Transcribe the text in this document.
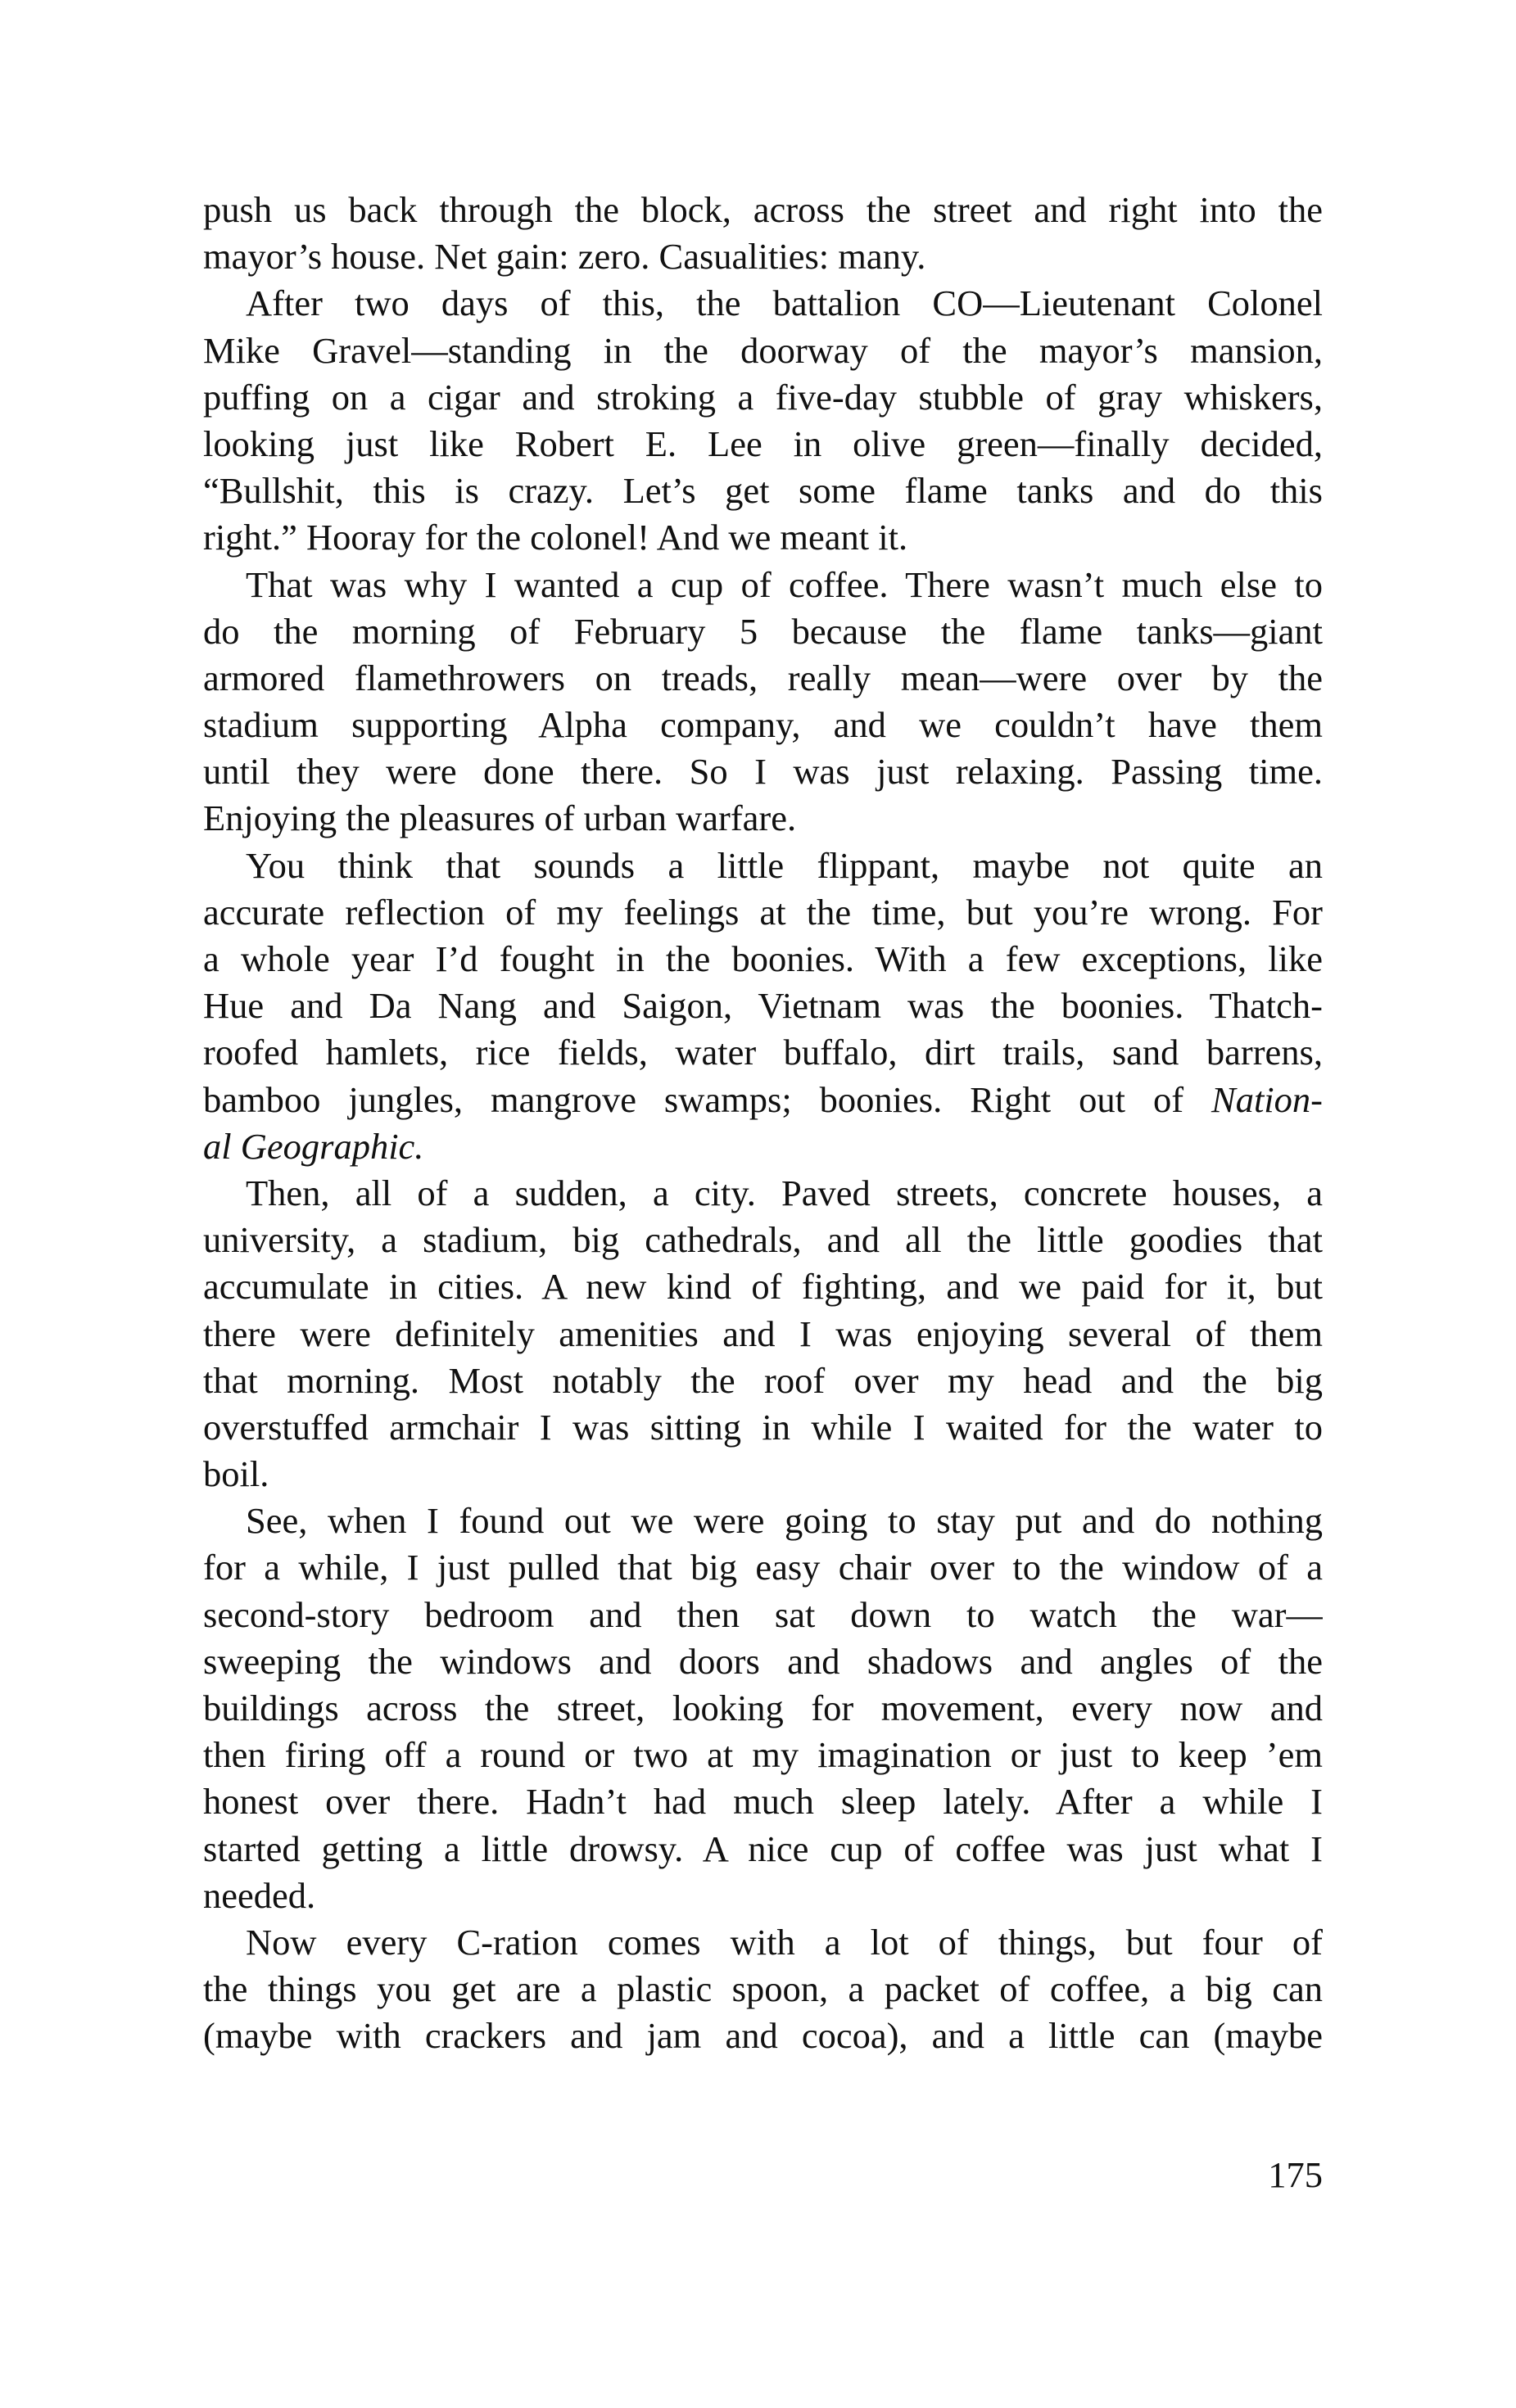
push us back through the block, across the street and right into the
mayor’s house. Net gain: zero. Casualities: many.
After two days of this, the battalion CO—Lieutenant Colonel
Mike Gravel—standing in the doorway of the mayor’s mansion,
puffing on a cigar and stroking a five-day stubble of gray whiskers,
looking just like Robert E. Lee in olive green—finally decided,
“Bullshit, this is crazy. Let’s get some flame tanks and do this
right.” Hooray for the colonel! And we meant it.
That was why I wanted a cup of coffee. There wasn’t much else to
do the morning of February 5 because the flame tanks—giant
armored flamethrowers on treads, really mean—were over by the
stadium supporting Alpha company, and we couldn’t have them
until they were done there. So I was just relaxing. Passing time.
Enjoying the pleasures of urban warfare.
You think that sounds a little flippant, maybe not quite an
accurate reflection of my feelings at the time, but you’re wrong. For
a whole year I’d fought in the boonies. With a few exceptions, like
Hue and Da Nang and Saigon, Vietnam was the boonies. Thatch-
roofed hamlets, rice fields, water buffalo, dirt trails, sand barrens,
bamboo jungles, mangrove swamps; boonies. Right out of Nation-
al Geographic.
Then, all of a sudden, a city. Paved streets, concrete houses, a
university, a stadium, big cathedrals, and all the little goodies that
accumulate in cities. A new kind of fighting, and we paid for it, but
there were definitely amenities and I was enjoying several of them
that morning. Most notably the roof over my head and the big
overstuffed armchair I was sitting in while I waited for the water to
boil.
See, when I found out we were going to stay put and do nothing
for a while, I just pulled that big easy chair over to the window of a
second-story bedroom and then sat down to watch the war—
sweeping the windows and doors and shadows and angles of the
buildings across the street, looking for movement, every now and
then firing off a round or two at my imagination or just to keep ’em
honest over there. Hadn’t had much sleep lately. After a while I
started getting a little drowsy. A nice cup of coffee was just what I
needed.
Now every C-ration comes with a lot of things, but four of
the things you get are a plastic spoon, a packet of coffee, a big can
(maybe with crackers and jam and cocoa), and a little can (maybe
175
